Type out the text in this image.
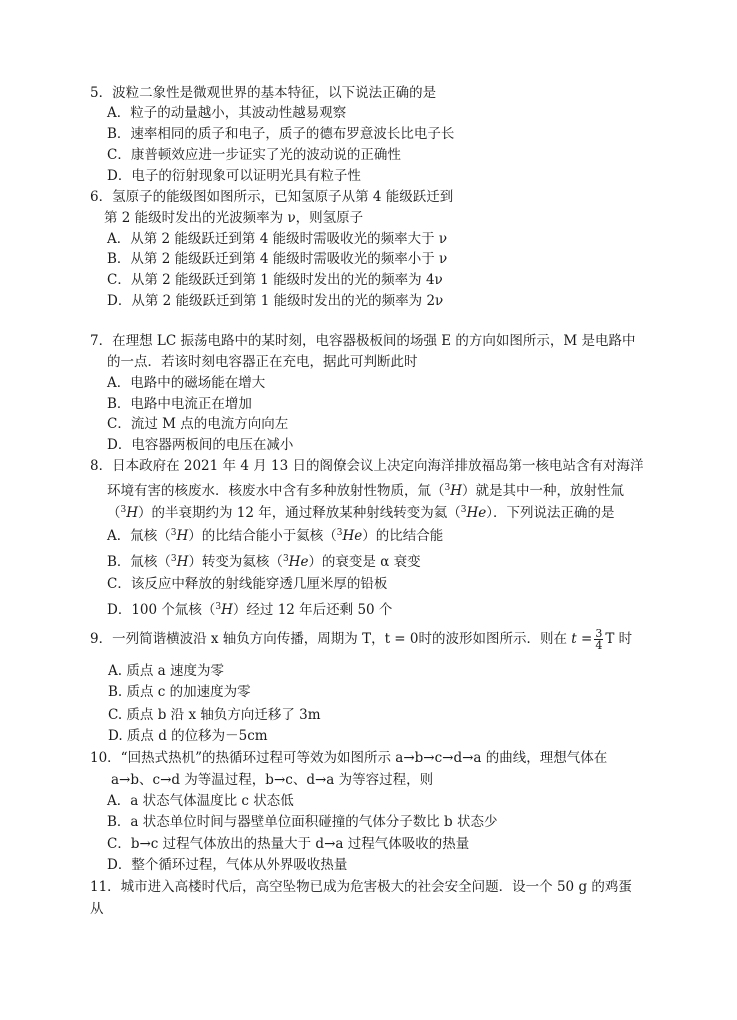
5．波粒二象性是微观世界的基本特征，以下说法正确的是
A．粒子的动量越小，其波动性越易观察
B．速率相同的质子和电子，质子的德布罗意波长比电子长
C．康普顿效应进一步证实了光的波动说的正确性
D．电子的衍射现象可以证明光具有粒子性
6．氢原子的能级图如图所示，已知氢原子从第 4 能级跃迁到
第 2 能级时发出的光波频率为 ν，则氢原子
A．从第 2 能级跃迁到第 4 能级时需吸收光的频率大于 ν
B．从第 2 能级跃迁到第 4 能级时需吸收光的频率小于 ν
C．从第 2 能级跃迁到第 1 能级时发出的光的频率为 4ν
D．从第 2 能级跃迁到第 1 能级时发出的光的频率为 2ν
7．在理想 LC 振荡电路中的某时刻，电容器极板间的场强 E 的方向如图所示，M 是电路中
的一点．若该时刻电容器正在充电，据此可判断此时
A．电路中的磁场能在增大
B．电路中电流正在增加
C．流过 M 点的电流方向向左
D．电容器两板间的电压在减小
8．日本政府在 2021 年 4 月 13 日的阁僚会议上决定向海洋排放福岛第一核电站含有对海洋
环境有害的核废水．核废水中含有多种放射性物质，氚（$^3$H）就是其中一种，放射性氚
（$^3$H）的半衰期约为 12 年，通过释放某种射线转变为氦（$^3$He）．下列说法正确的是
A．氚核（$^3$H）的比结合能小于氦核（$^3$He）的比结合能
B．氚核（$^3$H）转变为氦核（$^3$He）的衰变是 α 衰变
C．该反应中释放的射线能穿透几厘米厚的铅板
D．100 个氚核（$^3$H）经过 12 年后还剩 50 个
9．一列简谐横波沿 x 轴负方向传播，周期为 T，t = 0时的波形如图所示．则在 $t = \frac{3}{4}$ T 时
A. 质点 a 速度为零
B. 质点 c 的加速度为零
C. 质点 b 沿 x 轴负方向迁移了 3m
D. 质点 d 的位移为－5cm
10．“回热式热机”的热循环过程可等效为如图所示 a→b→c→d→a 的曲线，理想气体在
a→b、c→d 为等温过程，b→c、d→a 为等容过程，则
A．a 状态气体温度比 c 状态低
B．a 状态单位时间与器壁单位面积碰撞的气体分子数比 b 状态少
C．b→c 过程气体放出的热量大于 d→a 过程气体吸收的热量
D．整个循环过程，气体从外界吸收热量
11．城市进入高楼时代后，高空坠物已成为危害极大的社会安全问题．设一个 50 g 的鸡蛋
从
